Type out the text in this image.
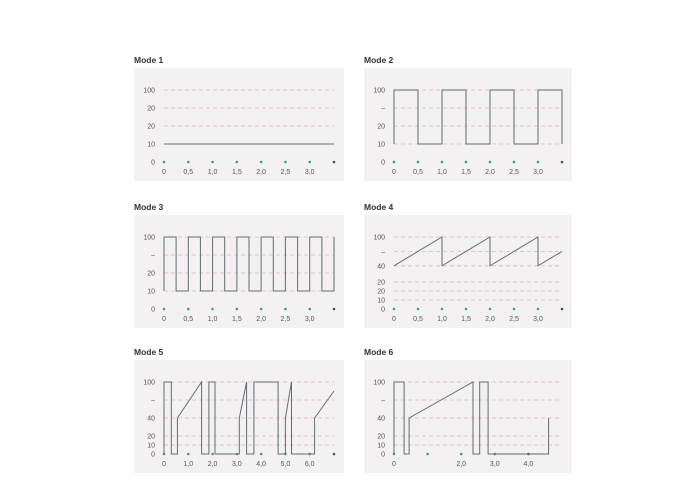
Mode 1
0
10
20
20
100
0 0,5 1,0 1,5 2,0 2,5 3,0
Mode 2
0
10
20
–
100
0 0,5 1,0 1,5 2,0 2,5 3,0
Mode 3
0
10
20
–
100
0 0,5 1,0 1,5 2,0 2,5 3,0
Mode 4
0
10
20
20
40
–
100
0 0,5 1,0 1,5 2,0 2,5 3,0
Mode 5
0
10
20
40
–
100
0 1,0 2,0 3,0 4,0 5,0 6,0
Mode 6
0
10
20
40
–
100
0	2,0	3,0	4,0
